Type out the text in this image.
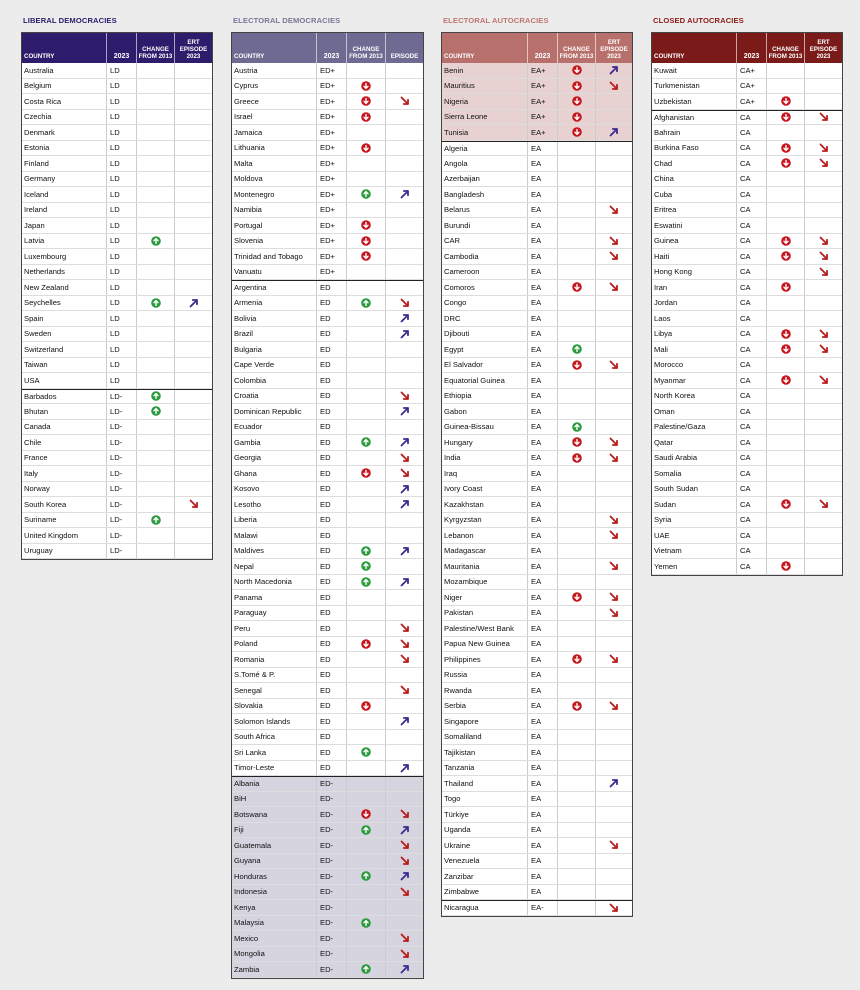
LIBERAL DEMOCRACIES
COUNTRY	2023
CHANGE FROM 2013
ERT EPISODE 2023
Australia	LD
Belgium	LD
Costa Rica	LD
Czechia	LD
Denmark	LD
Estonia	LD
Finland	LD
Germany	LD
Iceland	LD
Ireland	LD
Japan	LD
Latvia	LD
Luxembourg	LD
Netherlands	LD
New Zealand	LD
Seychelles	LD
Spain	LD
Sweden	LD
Switzerland	LD
Taiwan	LD
USA	LD
Barbados	LD-
Bhutan	LD-
Canada	LD-
Chile	LD-
France	LD-
Italy	LD-
Norway	LD-
South Korea	LD-
Suriname	LD-
United Kingdom	LD-
Uruguay	LD-
ELECTORAL DEMOCRACIES
COUNTRY	2023
CHANGE FROM 2013	EPISODE
Austria	ED+
Cyprus	ED+
Greece	ED+
Israel	ED+
Jamaica	ED+
Lithuania	ED+
Malta	ED+
Moldova	ED+
Montenegro	ED+
Namibia	ED+
Portugal	ED+
Slovenia	ED+
Trinidad and Tobago	ED+
Vanuatu	ED+
Argentina	ED
Armenia	ED
Bolivia	ED
Brazil	ED
Bulgaria	ED
Cape Verde	ED
Colombia	ED
Croatia	ED
Dominican Republic	ED
Ecuador	ED
Gambia	ED
Georgia	ED
Ghana	ED
Kosovo	ED
Lesotho	ED
Liberia	ED
Malawi	ED
Maldives	ED
Nepal	ED
North Macedonia	ED
Panama	ED
Paraguay	ED
Peru	ED
Poland	ED
Romania	ED
S.Tomé & P.	ED
Senegal	ED
Slovakia	ED
Solomon Islands	ED
South Africa	ED
Sri Lanka	ED
Timor-Leste	ED
Albania	ED-
BiH	ED-
Botswana	ED-
Fiji	ED-
Guatemala	ED-
Guyana	ED-
Honduras	ED-
Indonesia	ED-
Kenya	ED-
Malaysia	ED-
Mexico	ED-
Mongolia	ED-
Zambia	ED-
ELECTORAL AUTOCRACIES
COUNTRY	2023
CHANGE FROM 2013
ERT EPISODE 2023
Benin	EA+
Mauritius	EA+
Nigeria	EA+
Sierra Leone	EA+
Tunisia	EA+
Algeria	EA
Angola	EA
Azerbaijan	EA
Bangladesh	EA
Belarus	EA
Burundi	EA
CAR	EA
Cambodia	EA
Cameroon	EA
Comoros	EA
Congo	EA
DRC	EA
Djibouti	EA
Egypt	EA
El Salvador	EA
Equatorial Guinea	EA
Ethiopia	EA
Gabon	EA
Guinea-Bissau	EA
Hungary	EA
India	EA
Iraq	EA
Ivory Coast	EA
Kazakhstan	EA
Kyrgyzstan	EA
Lebanon	EA
Madagascar	EA
Mauritania	EA
Mozambique	EA
Niger	EA
Pakistan	EA
Palestine/West Bank	EA
Papua New Guinea	EA
Philippines	EA
Russia	EA
Rwanda	EA
Serbia	EA
Singapore	EA
Somaliland	EA
Tajikistan	EA
Tanzania	EA
Thailand	EA
Togo	EA
Türkiye	EA
Uganda	EA
Ukraine	EA
Venezuela	EA
Zanzibar	EA
Zimbabwe	EA
Nicaragua	EA-
CLOSED AUTOCRACIES
COUNTRY	2023
CHANGE FROM 2013
ERT EPISODE 2023
Kuwait	CA+
Turkmenistan	CA+
Uzbekistan	CA+
Afghanistan	CA
Bahrain	CA
Burkina Faso	CA
Chad	CA
China	CA
Cuba	CA
Eritrea	CA
Eswatini	CA
Guinea	CA
Haiti	CA
Hong Kong	CA
Iran	CA
Jordan	CA
Laos	CA
Libya	CA
Mali	CA
Morocco	CA
Myanmar	CA
North Korea	CA
Oman	CA
Palestine/Gaza	CA
Qatar	CA
Saudi Arabia	CA
Somalia	CA
South Sudan	CA
Sudan	CA
Syria	CA
UAE	CA
Vietnam	CA
Yemen	CA
